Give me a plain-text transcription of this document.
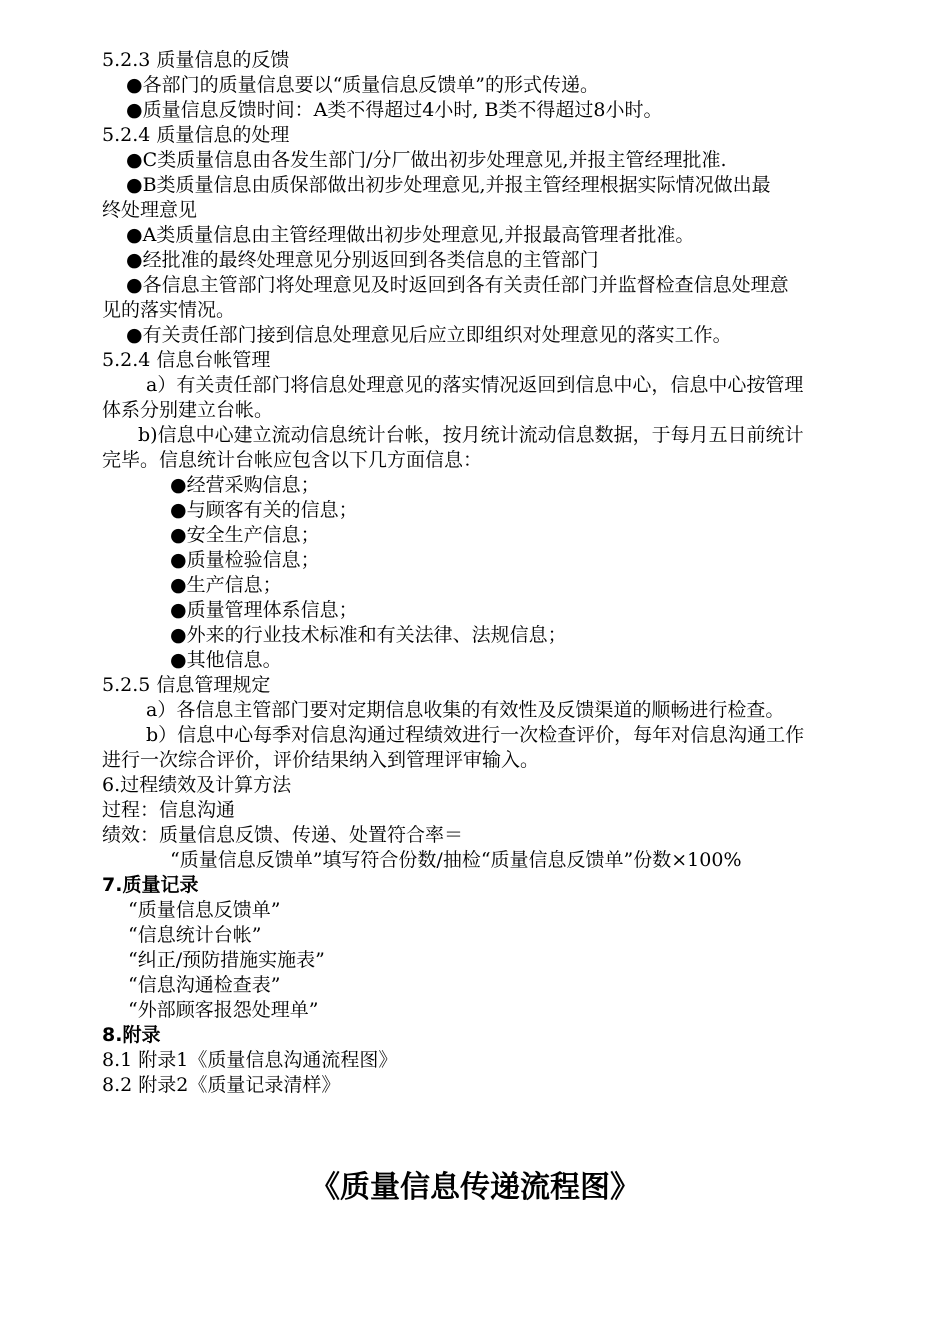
5.2.3 质量信息的反馈
●各部门的质量信息要以“质量信息反馈单”的形式传递。
●质量信息反馈时间：A类不得超过4小时, B类不得超过8小时。
5.2.4 质量信息的处理
●C类质量信息由各发生部门/分厂做出初步处理意见,并报主管经理批准.
●B类质量信息由质保部做出初步处理意见,并报主管经理根据实际情况做出最
终处理意见
●A类质量信息由主管经理做出初步处理意见,并报最高管理者批准。
●经批准的最终处理意见分别返回到各类信息的主管部门
●各信息主管部门将处理意见及时返回到各有关责任部门并监督检查信息处理意
见的落实情况。
●有关责任部门接到信息处理意见后应立即组织对处理意见的落实工作。
5.2.4 信息台帐管理
a）有关责任部门将信息处理意见的落实情况返回到信息中心，信息中心按管理
体系分别建立台帐。
b)信息中心建立流动信息统计台帐，按月统计流动信息数据，于每月五日前统计
完毕。信息统计台帐应包含以下几方面信息：
●经营采购信息；
●与顾客有关的信息；
●安全生产信息；
●质量检验信息；
●生产信息；
●质量管理体系信息；
●外来的行业技术标准和有关法律、法规信息；
●其他信息。
5.2.5 信息管理规定
a）各信息主管部门要对定期信息收集的有效性及反馈渠道的顺畅进行检查。
b）信息中心每季对信息沟通过程绩效进行一次检查评价，每年对信息沟通工作
进行一次综合评价，评价结果纳入到管理评审输入。
6.过程绩效及计算方法
过程：信息沟通
绩效：质量信息反馈、传递、处置符合率＝
“质量信息反馈单”填写符合份数/抽检“质量信息反馈单”份数×100%
7.质量记录
“质量信息反馈单”
“信息统计台帐”
“纠正/预防措施实施表”
“信息沟通检查表”
“外部顾客报怨处理单”
8.附录
8.1 附录1《质量信息沟通流程图》
8.2 附录2《质量记录清样》
《质量信息传递流程图》
